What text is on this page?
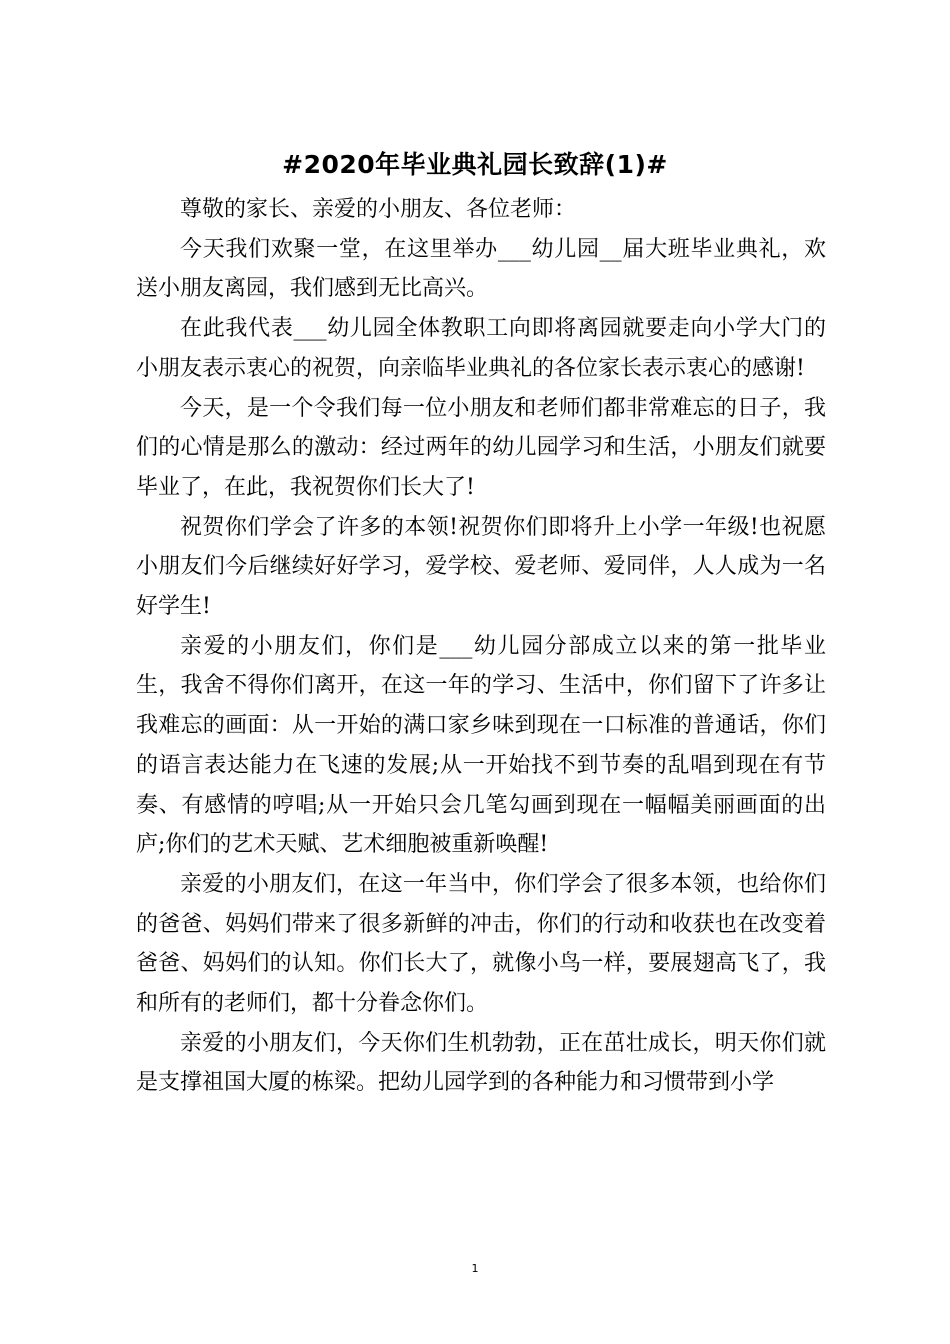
#2020年毕业典礼园长致辞(1)#

尊敬的家长、亲爱的小朋友、各位老师：

今天我们欢聚一堂，在这里举办___幼儿园__届大班毕业典礼，欢送小朋友离园，我们感到无比高兴。

在此我代表___幼儿园全体教职工向即将离园就要走向小学大门的小朋友表示衷心的祝贺，向亲临毕业典礼的各位家长表示衷心的感谢!

今天，是一个令我们每一位小朋友和老师们都非常难忘的日子，我们的心情是那么的激动：经过两年的幼儿园学习和生活，小朋友们就要毕业了，在此，我祝贺你们长大了!

祝贺你们学会了许多的本领!祝贺你们即将升上小学一年级!也祝愿小朋友们今后继续好好学习，爱学校、爱老师、爱同伴，人人成为一名好学生!

亲爱的小朋友们，你们是___幼儿园分部成立以来的第一批毕业生，我舍不得你们离开，在这一年的学习、生活中，你们留下了许多让我难忘的画面：从一开始的满口家乡味到现在一口标准的普通话，你们的语言表达能力在飞速的发展;从一开始找不到节奏的乱唱到现在有节奏、有感情的哼唱;从一开始只会几笔勾画到现在一幅幅美丽画面的出庐;你们的艺术天赋、艺术细胞被重新唤醒!

亲爱的小朋友们，在这一年当中，你们学会了很多本领，也给你们的爸爸、妈妈们带来了很多新鲜的冲击，你们的行动和收获也在改变着爸爸、妈妈们的认知。你们长大了，就像小鸟一样，要展翅高飞了，我和所有的老师们，都十分眷念你们。

亲爱的小朋友们，今天你们生机勃勃，正在茁壮成长，明天你们就是支撑祖国大厦的栋梁。把幼儿园学到的各种能力和习惯带到小学

1
